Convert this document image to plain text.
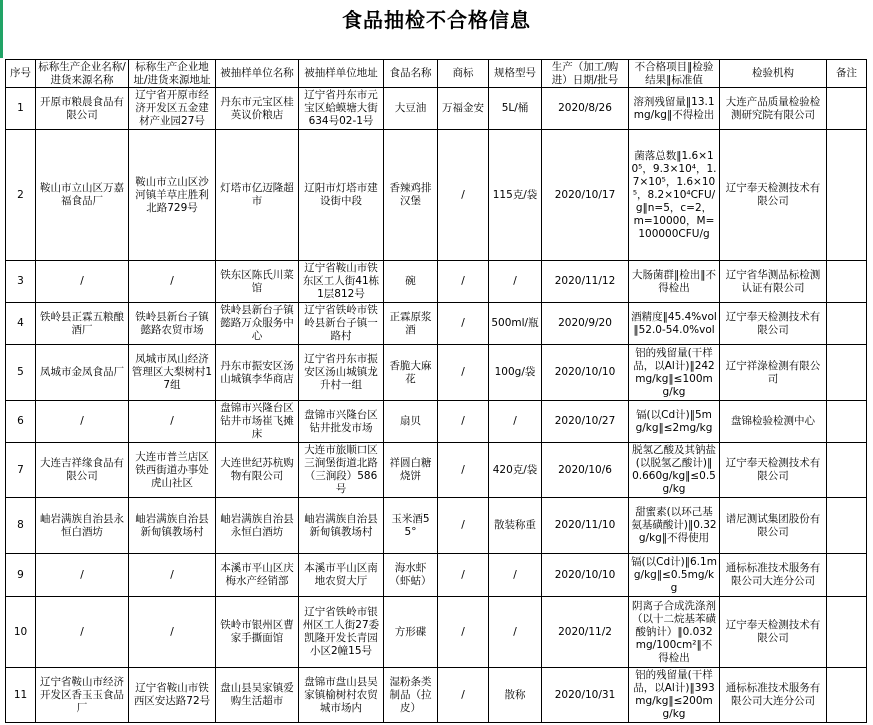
食品抽检不合格信息
序号	标称生产企业名称/进货来源名称	标称生产企业地址/进货来源地址	被抽样单位名称	被抽样单位地址	食品名称	商标	规格型号	生产（加工/购进）日期/批号	不合格项目‖检验结果‖标准值	检验机构	备注
1	开原市粮晨食品有限公司	辽宁省开原市经济开发区五金建材产业园27号	丹东市元宝区桂英议价粮店	辽宁省丹东市元宝区蛤蟆塘大街634号02-1号	大豆油	万福金安	5L/桶	2020/8/26	溶剂残留量‖13.1mg/kg‖不得检出	大连产品质量检验检测研究院有限公司	
2	鞍山市立山区万嘉福食品厂	鞍山市立山区沙河镇羊草庄胜利北路729号	灯塔市亿迈隆超市	辽阳市灯塔市建设街中段	香辣鸡排汉堡	/	115克/袋	2020/10/17	菌落总数‖1.6×10⁵，9.3×10⁴，1.7×10⁵，1.6×10⁵，8.2×10⁴CFU/g‖n=5，c=2，m=10000，M=100000CFU/g	辽宁奉天检测技术有限公司	
3	/	/	铁东区陈氏川菜馆	辽宁省鞍山市铁东区工人街41栋1层812号	碗	/	/	2020/11/12	大肠菌群‖检出‖不得检出	辽宁省华测品标检测认证有限公司	
4	铁岭县正霖五粮酿酒厂	铁岭县新台子镇懿路农贸市场	铁岭县新台子镇懿路万众服务中心	辽宁省铁岭市铁岭县新台子镇一路村	正霖原浆酒	/	500ml/瓶	2020/9/20	酒精度‖45.4%vol‖52.0-54.0%vol	辽宁奉天检测技术有限公司	
5	凤城市金凤食品厂	凤城市凤山经济管理区大梨树村17组	丹东市振安区汤山城镇李华商店	辽宁省丹东市振安区汤山城镇龙升村一组	香脆大麻花	/	100g/袋	2020/10/10	铝的残留量(干样品，以Al计)‖242mg/kg‖≤100mg/kg	辽宁祥淥检测有限公司	
6	/	/	盘锦市兴隆台区钻井市场崔飞摊床	盘锦市兴隆台区钻井批发市场	扇贝	/	/	2020/10/27	镉(以Cd计)‖5mg/kg‖≤2mg/kg	盘锦检验检测中心	
7	大连吉祥缘食品有限公司	大连市普兰店区铁西街道办事处虎山社区	大连世纪苏杭购物有限公司	大连市旅顺口区三涧堡街道北路（三涧段）586号	祥圆白糖烧饼	/	420克/袋	2020/10/6	脱氢乙酸及其钠盐(以脱氢乙酸计)‖0.660g/kg‖≤0.5g/kg	辽宁奉天检测技术有限公司	
8	岫岩满族自治县永恒白酒坊	岫岩满族自治县新甸镇教场村	岫岩满族自治县永恒白酒坊	岫岩满族自治县新甸镇教场村	玉米酒55°	/	散装称重	2020/11/10	甜蜜素(以环己基氨基磺酸计)‖0.32g/kg‖不得使用	谱尼测试集团股份有限公司	
9	/	/	本溪市平山区庆梅水产经销部	本溪市平山区南地农贸大厅	海水虾（虾蛄）	/	/	2020/10/10	镉(以Cd计)‖6.1mg/kg‖≤0.5mg/kg	通标标准技术服务有限公司大连分公司	
10	/	/	铁岭市银州区曹家手撕面馆	辽宁省铁岭市银州区工人街27委凯隆开发长青园小区2幢15号	方形碟	/	/	2020/11/2	阴离子合成洗涤剂（以十二烷基苯磺酸钠计）‖0.032mg/100cm²‖不得检出	辽宁奉天检测技术有限公司	
11	辽宁省鞍山市经济开发区香玉玉食品厂	辽宁省鞍山市铁西区安达路72号	盘山县吴家镇爱购生活超市	盘锦市盘山县吴家镇榆树村农贸城市场内	湿粉条类制品（拉皮）	/	散称	2020/10/31	铝的残留量(干样品，以Al计)‖393mg/kg‖≤200mg/kg	通标标准技术服务有限公司大连分公司	
